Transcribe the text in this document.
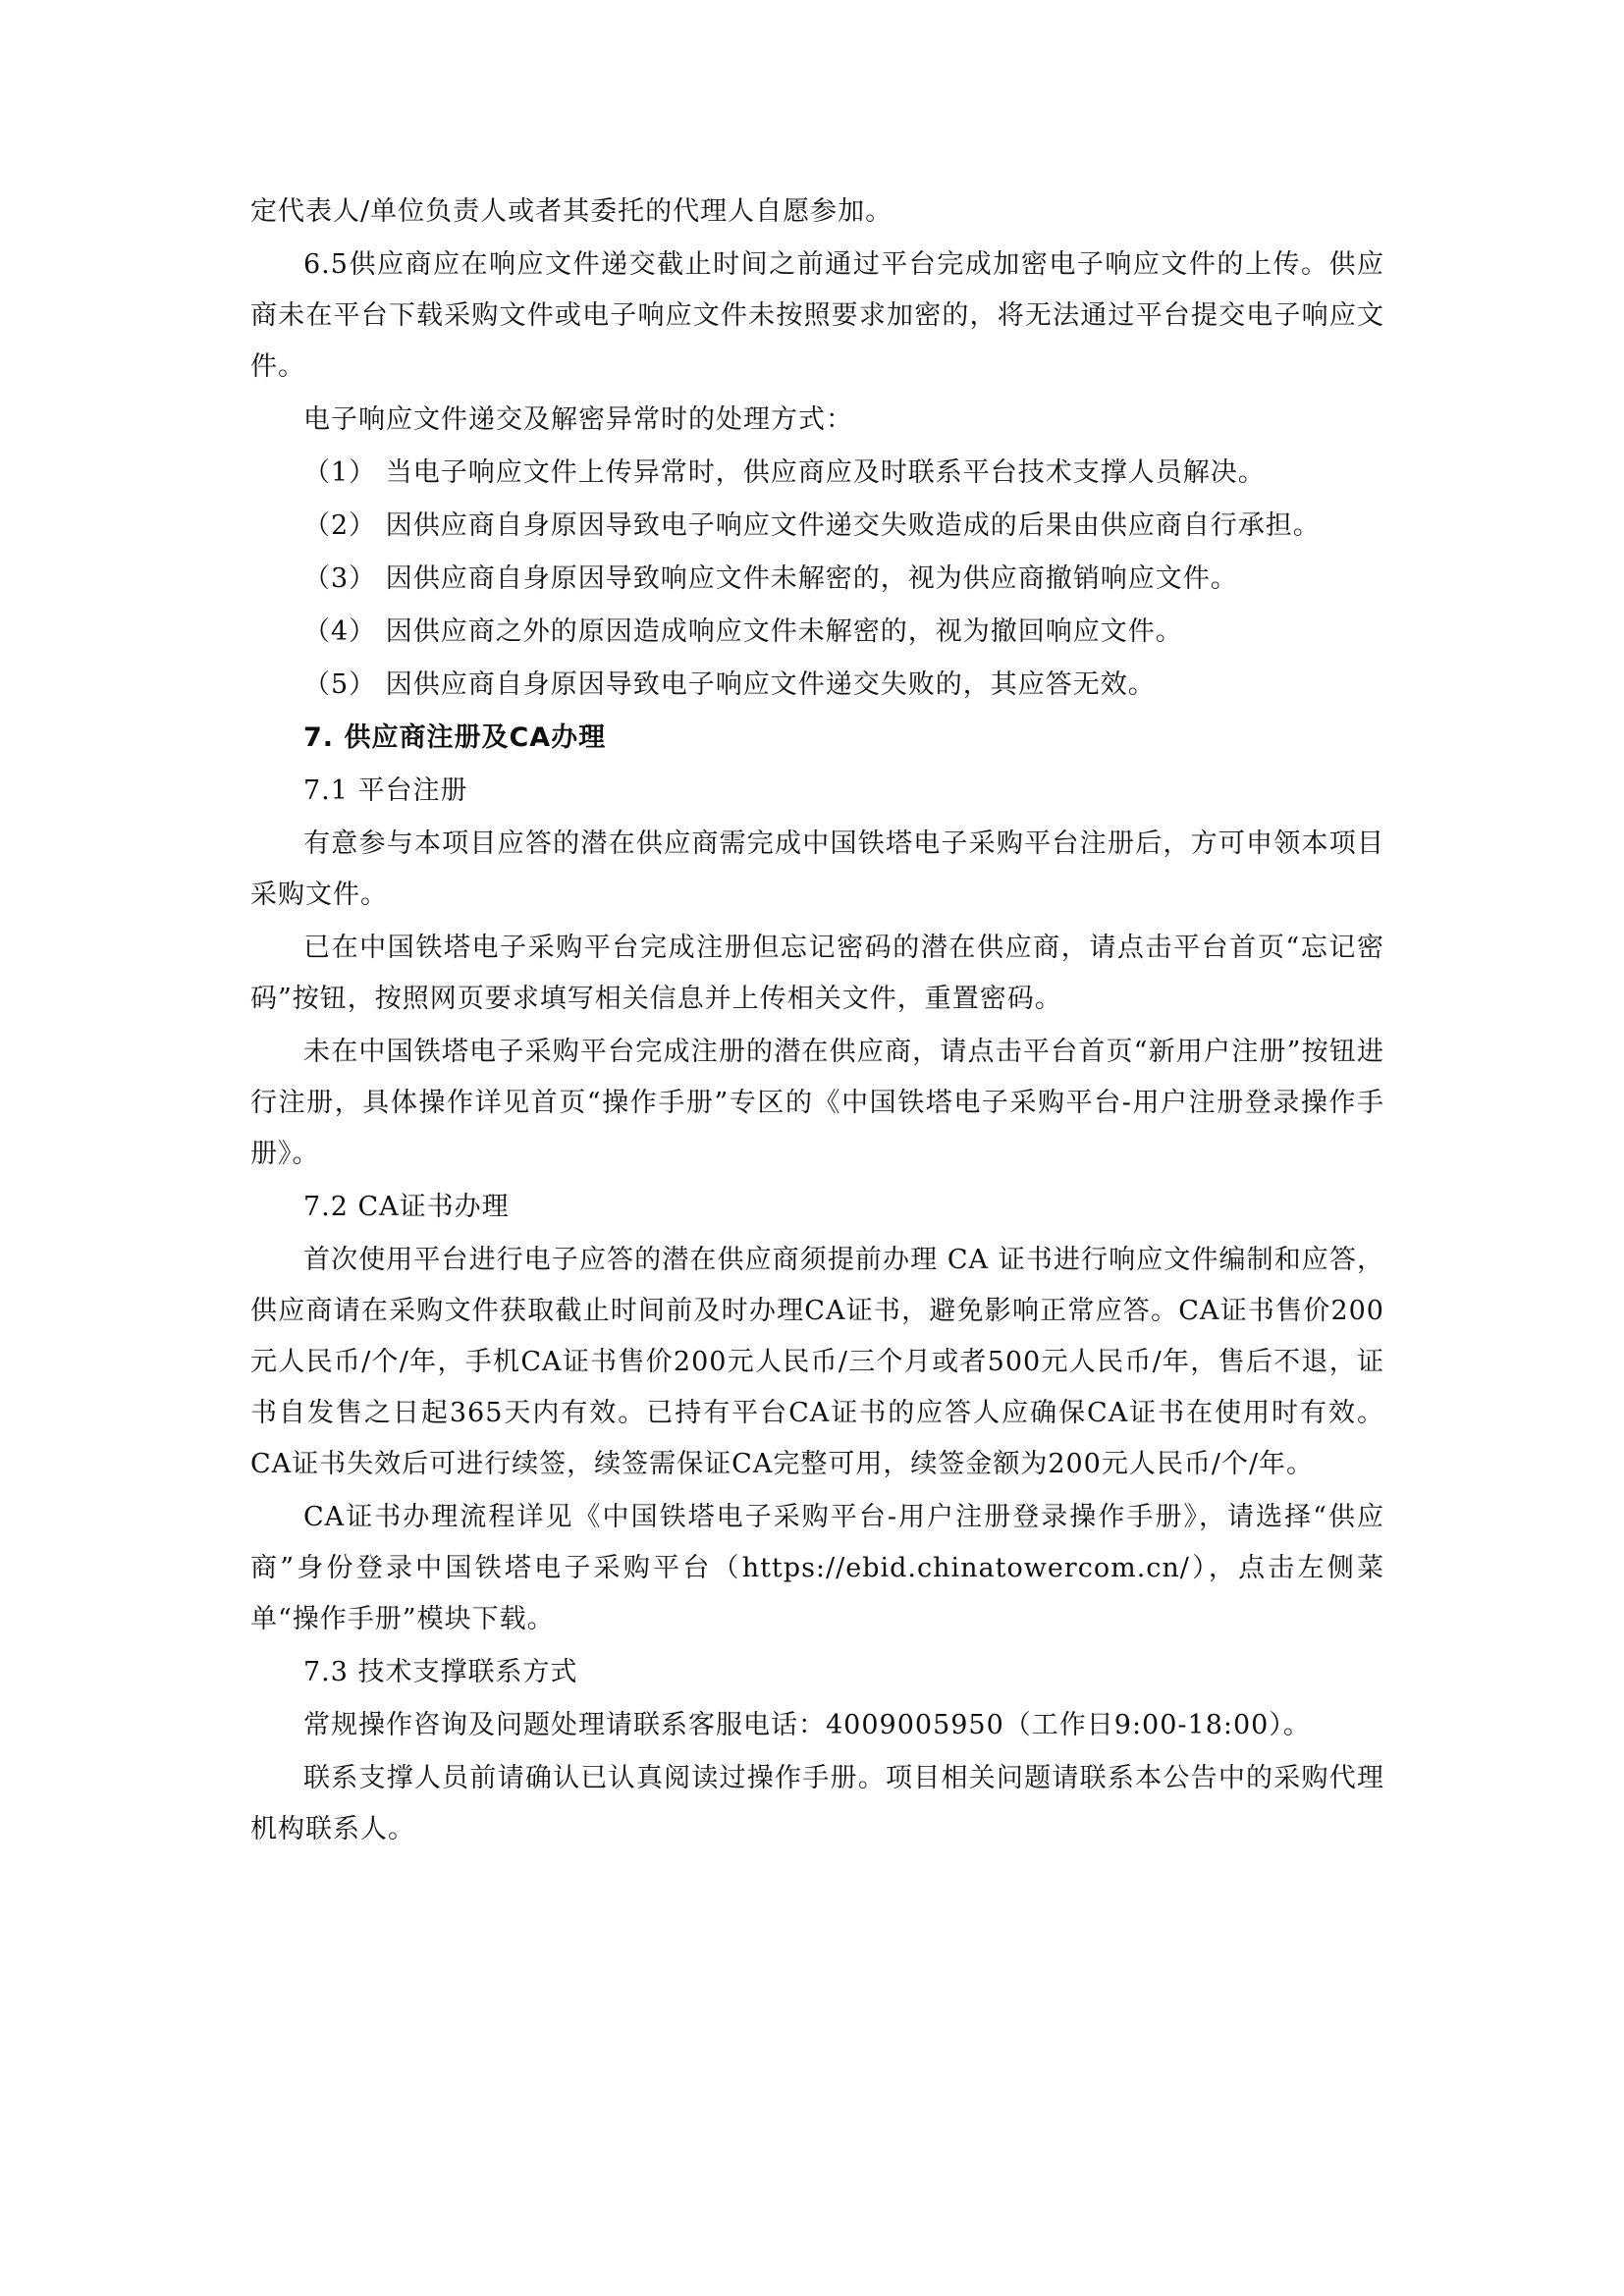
定代表人/单位负责人或者其委托的代理人自愿参加。

6.5供应商应在响应文件递交截止时间之前通过平台完成加密电子响应文件的上传。供应商未在平台下载采购文件或电子响应文件未按照要求加密的，将无法通过平台提交电子响应文件。

电子响应文件递交及解密异常时的处理方式：

（1） 当电子响应文件上传异常时，供应商应及时联系平台技术支撑人员解决。

（2） 因供应商自身原因导致电子响应文件递交失败造成的后果由供应商自行承担。

（3） 因供应商自身原因导致响应文件未解密的，视为供应商撤销响应文件。

（4） 因供应商之外的原因造成响应文件未解密的，视为撤回响应文件。

（5） 因供应商自身原因导致电子响应文件递交失败的，其应答无效。

7. 供应商注册及CA办理

7.1 平台注册

有意参与本项目应答的潜在供应商需完成中国铁塔电子采购平台注册后，方可申领本项目采购文件。

已在中国铁塔电子采购平台完成注册但忘记密码的潜在供应商，请点击平台首页“忘记密码”按钮，按照网页要求填写相关信息并上传相关文件，重置密码。

未在中国铁塔电子采购平台完成注册的潜在供应商，请点击平台首页“新用户注册”按钮进行注册，具体操作详见首页“操作手册”专区的《中国铁塔电子采购平台-用户注册登录操作手册》。

7.2 CA证书办理

首次使用平台进行电子应答的潜在供应商须提前办理 CA 证书进行响应文件编制和应答，供应商请在采购文件获取截止时间前及时办理CA证书，避免影响正常应答。CA证书售价200元人民币/个/年，手机CA证书售价200元人民币/三个月或者500元人民币/年，售后不退，证书自发售之日起365天内有效。已持有平台CA证书的应答人应确保CA证书在使用时有效。CA证书失效后可进行续签，续签需保证CA完整可用，续签金额为200元人民币/个/年。

CA证书办理流程详见《中国铁塔电子采购平台-用户注册登录操作手册》，请选择“供应商”身份登录中国铁塔电子采购平台（https://ebid.chinatowercom.cn/），点击左侧菜单“操作手册”模块下载。

7.3 技术支撑联系方式

常规操作咨询及问题处理请联系客服电话：4009005950（工作日9:00-18:00）。

联系支撑人员前请确认已认真阅读过操作手册。项目相关问题请联系本公告中的采购代理机构联系人。
